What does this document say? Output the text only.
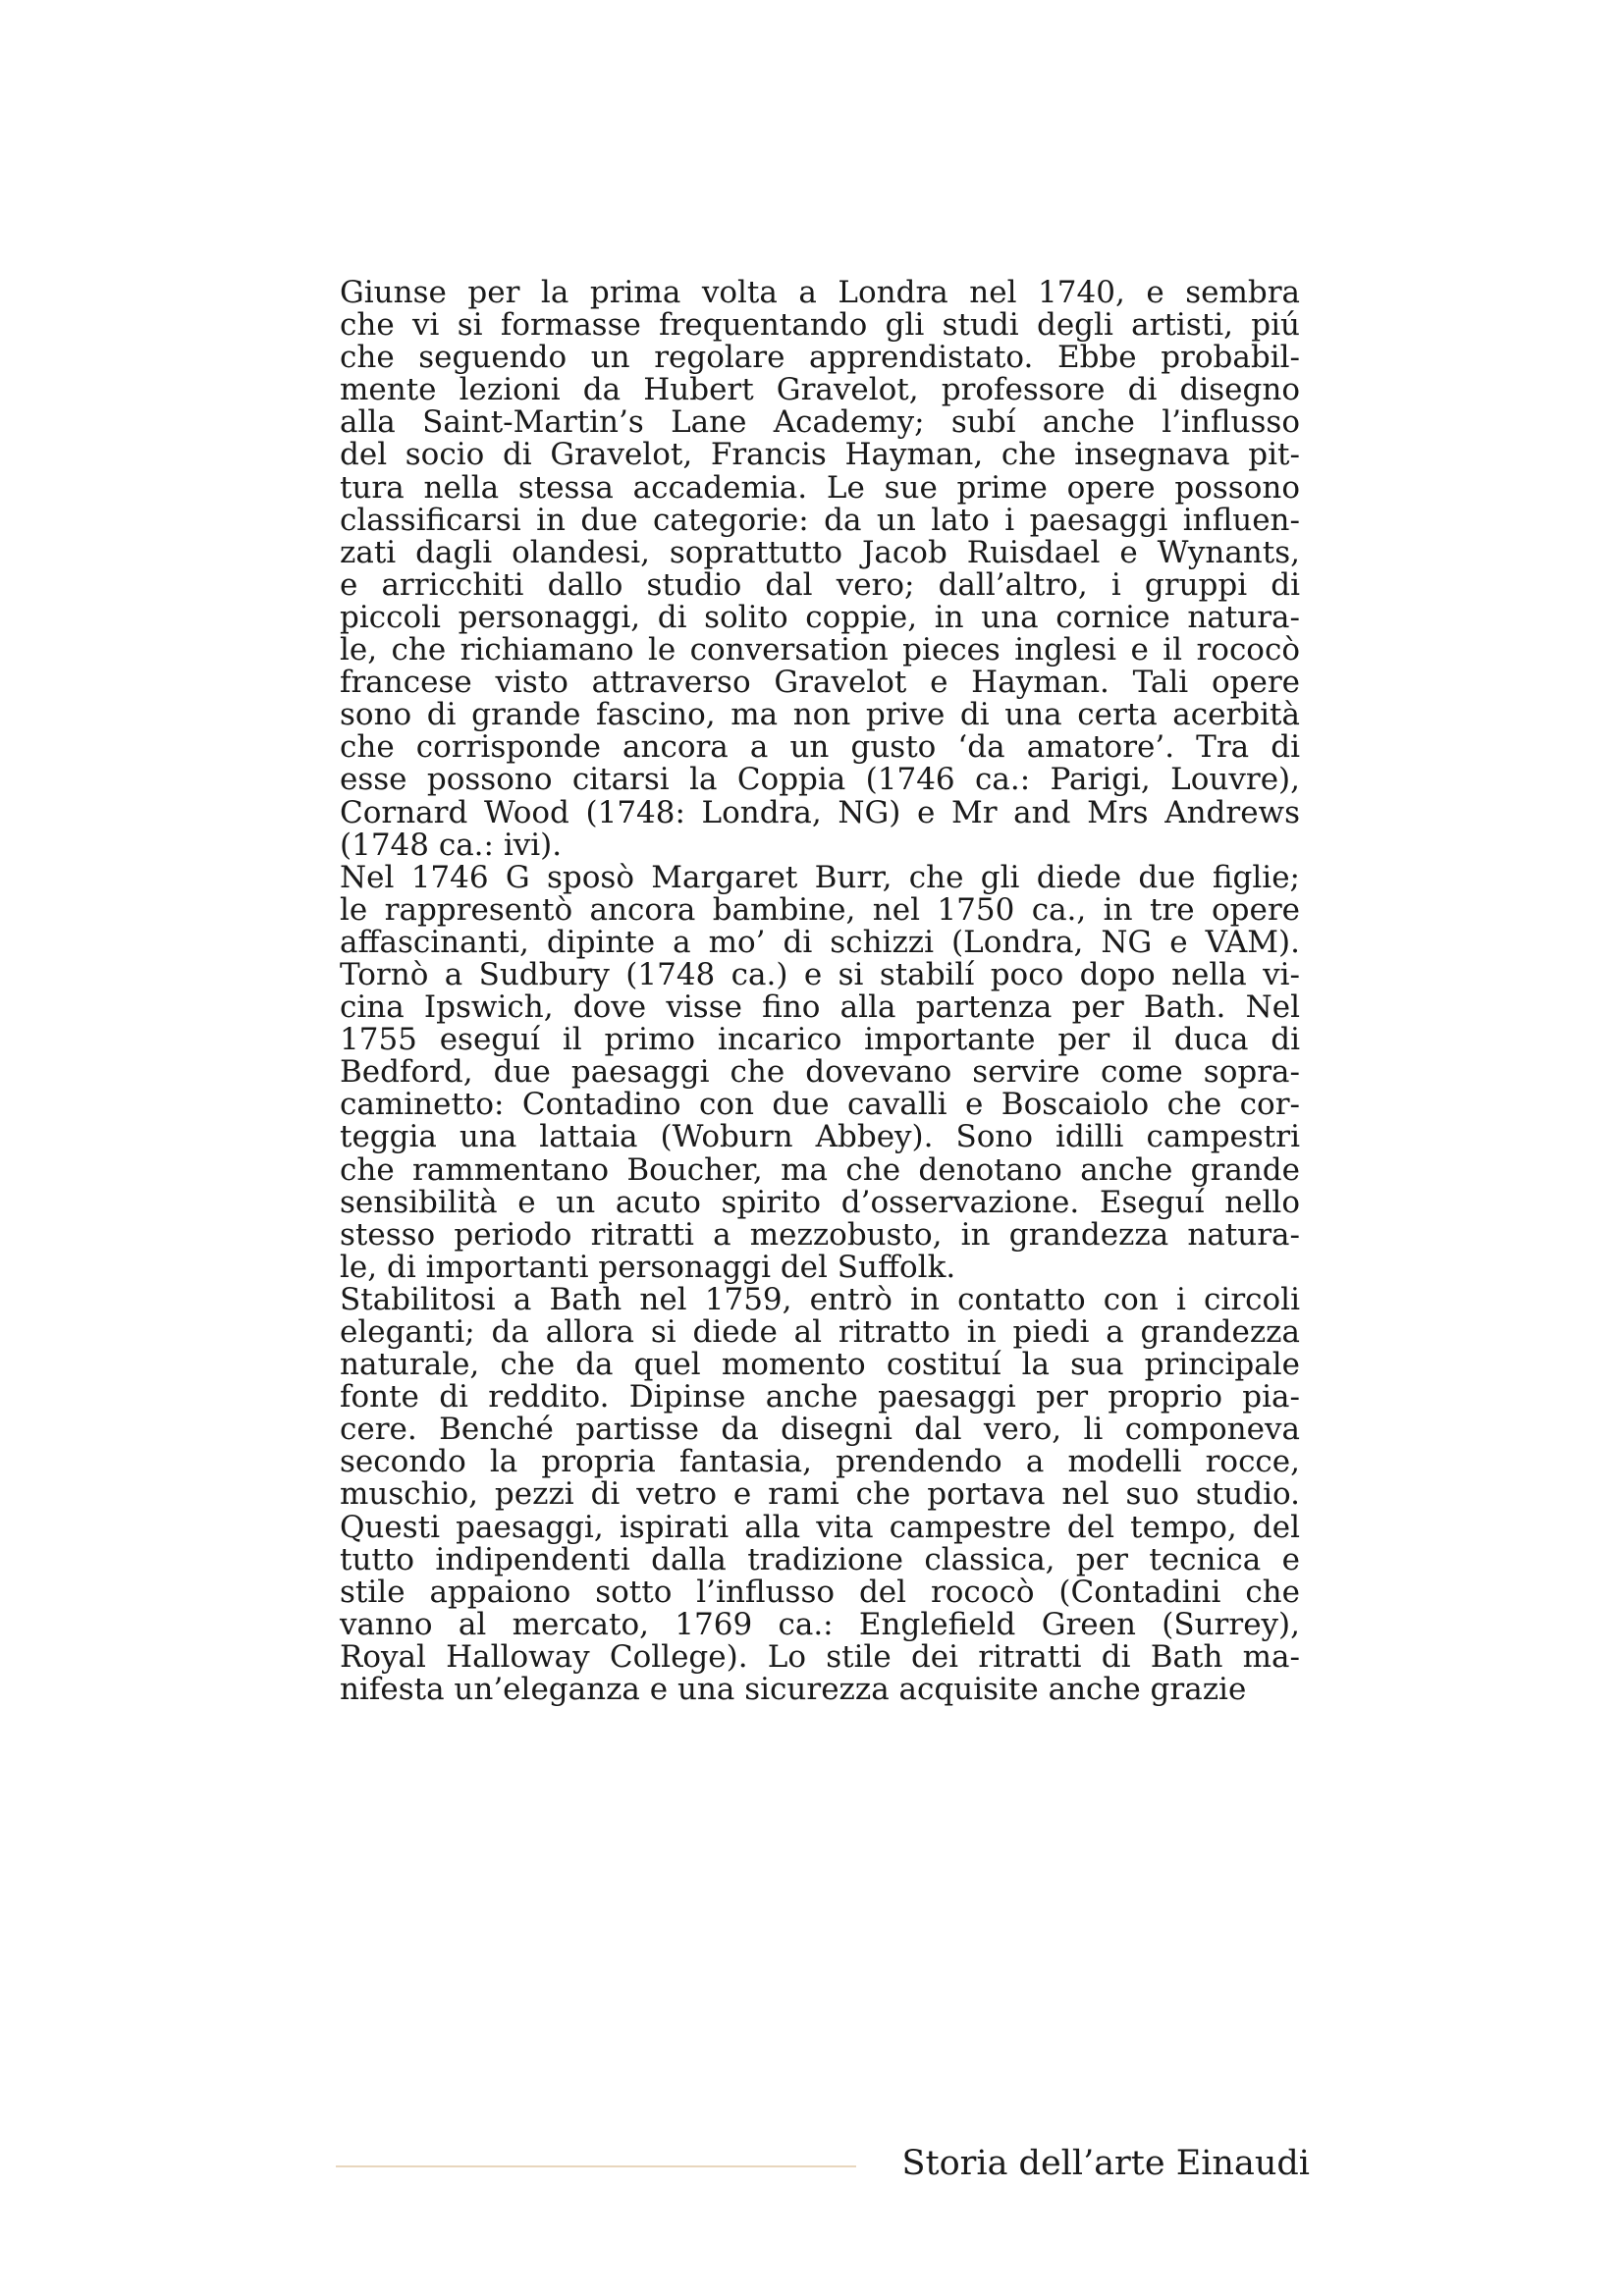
Giunse per la prima volta a Londra nel 1740, e sembra
che vi si formasse frequentando gli studi degli artisti, piú
che seguendo un regolare apprendistato. Ebbe probabil-
mente lezioni da Hubert Gravelot, professore di disegno
alla Saint-Martin’s Lane Academy; subí anche l’influsso
del socio di Gravelot, Francis Hayman, che insegnava pit-
tura nella stessa accademia. Le sue prime opere possono
classificarsi in due categorie: da un lato i paesaggi influen-
zati dagli olandesi, soprattutto Jacob Ruisdael e Wynants,
e arricchiti dallo studio dal vero; dall’altro, i gruppi di
piccoli personaggi, di solito coppie, in una cornice natura-
le, che richiamano le conversation pieces inglesi e il rococò
francese visto attraverso Gravelot e Hayman. Tali opere
sono di grande fascino, ma non prive di una certa acerbità
che corrisponde ancora a un gusto ‘da amatore’. Tra di
esse possono citarsi la Coppia (1746 ca.: Parigi, Louvre),
Cornard Wood (1748: Londra, NG) e Mr and Mrs Andrews
(1748 ca.: ivi).
Nel 1746 G sposò Margaret Burr, che gli diede due figlie;
le rappresentò ancora bambine, nel 1750 ca., in tre opere
affascinanti, dipinte a mo’ di schizzi (Londra, NG e VAM).
Tornò a Sudbury (1748 ca.) e si stabilí poco dopo nella vi-
cina Ipswich, dove visse fino alla partenza per Bath. Nel
1755 eseguí il primo incarico importante per il duca di
Bedford, due paesaggi che dovevano servire come sopra-
caminetto: Contadino con due cavalli e Boscaiolo che cor-
teggia una lattaia (Woburn Abbey). Sono idilli campestri
che rammentano Boucher, ma che denotano anche grande
sensibilità e un acuto spirito d’osservazione. Eseguí nello
stesso periodo ritratti a mezzobusto, in grandezza natura-
le, di importanti personaggi del Suffolk.
Stabilitosi a Bath nel 1759, entrò in contatto con i circoli
eleganti; da allora si diede al ritratto in piedi a grandezza
naturale, che da quel momento costituí la sua principale
fonte di reddito. Dipinse anche paesaggi per proprio pia-
cere. Benché partisse da disegni dal vero, li componeva
secondo la propria fantasia, prendendo a modelli rocce,
muschio, pezzi di vetro e rami che portava nel suo studio.
Questi paesaggi, ispirati alla vita campestre del tempo, del
tutto indipendenti dalla tradizione classica, per tecnica e
stile appaiono sotto l’influsso del rococò (Contadini che
vanno al mercato, 1769 ca.: Englefield Green (Surrey),
Royal Halloway College). Lo stile dei ritratti di Bath ma-
nifesta un’eleganza e una sicurezza acquisite anche grazie
Storia dell’arte Einaudi
